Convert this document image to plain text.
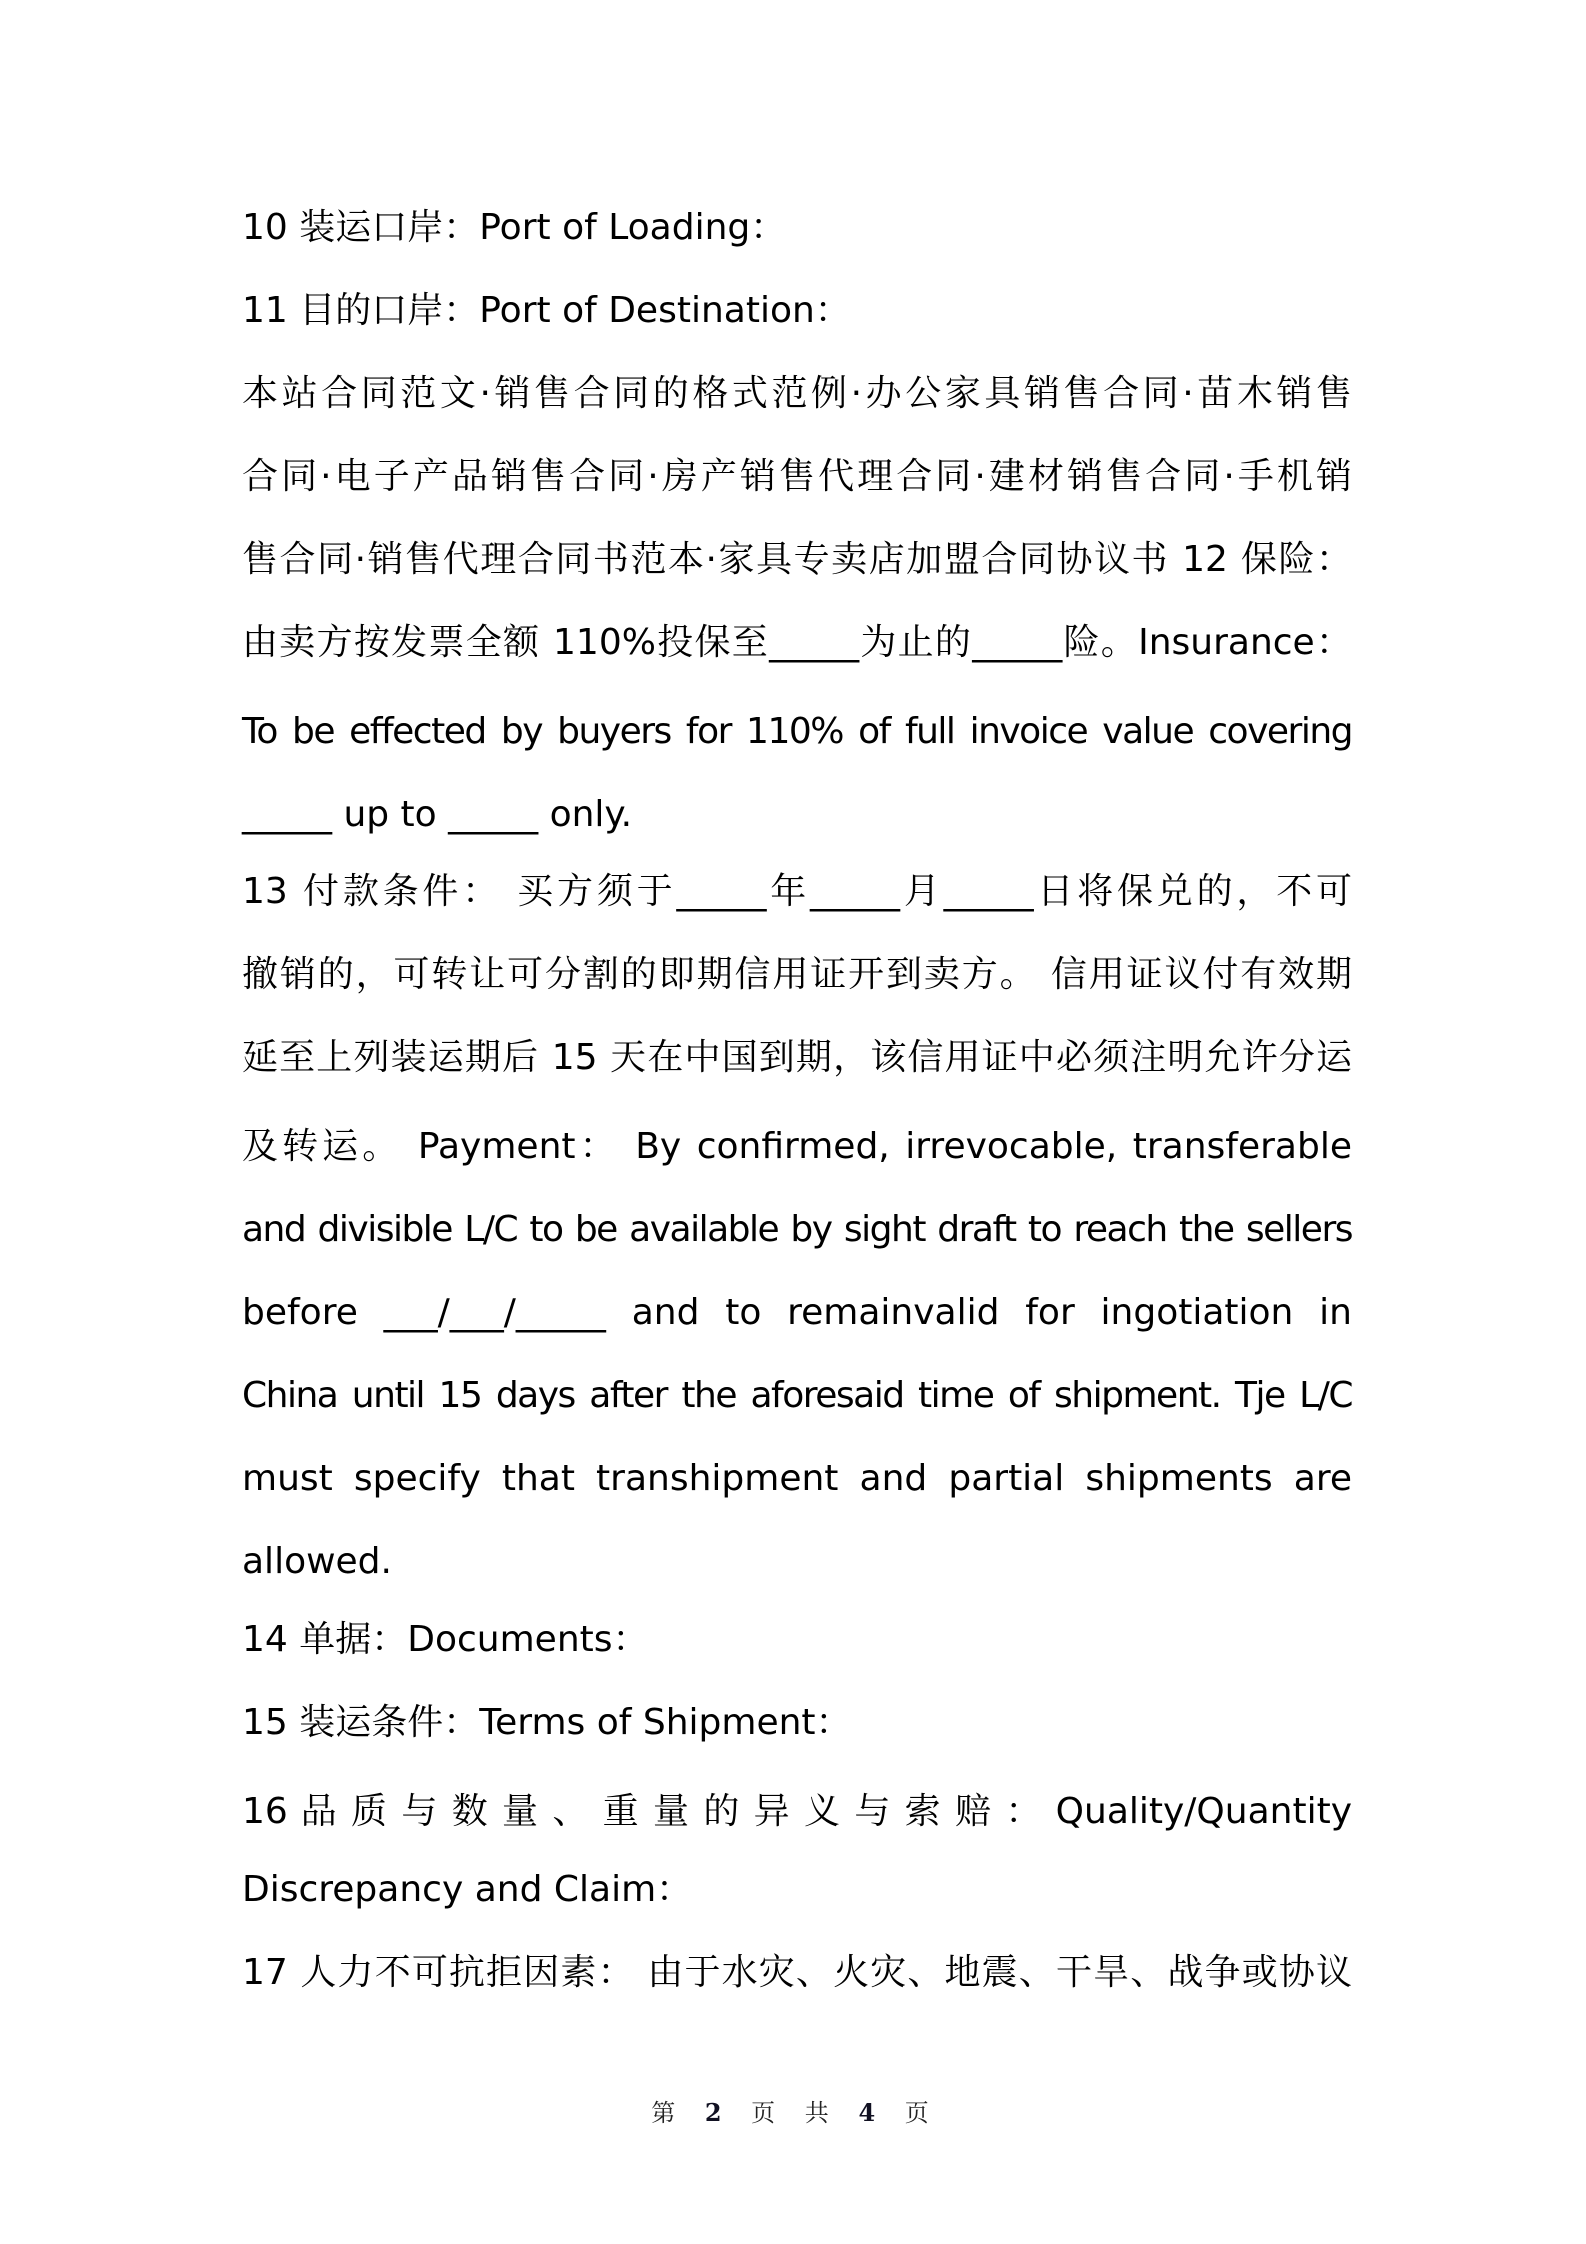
10 装运口岸：Port of Loading：
11 目的口岸：Port of Destination：
本站合同范文·销售合同的格式范例·办公家具销售合同·苗木销售
合同·电子产品销售合同·房产销售代理合同·建材销售合同·手机销
售合同·销售代理合同书范本·家具专卖店加盟合同协议书 12 保险：
由卖方按发票全额 110%投保至_____为止的_____险。Insurance：
To be effected by buyers for 110% of full invoice value covering
_____ up to _____ only.
13 付款条件： 买方须于_____年_____月_____日将保兑的，不可
撤销的，可转让可分割的即期信用证开到卖方。 信用证议付有效期
延至上列装运期后 15 天在中国到期，该信用证中必须注明允许分运
及转运。 Payment： By confirmed, irrevocable, transferable
and divisible L/C to be available by sight draft to reach the sellers
before ___/___/_____ and to remainvalid for ingotiation in
China until 15 days after the aforesaid time of shipment. Tje L/C
must specify that transhipment and partial shipments are
allowed.
14 单据：Documents：
15 装运条件：Terms of Shipment：
16 品 质 与 数 量 、 重 量 的 异 义 与 索 赔 ： Quality/Quantity
Discrepancy and Claim：
17 人力不可抗拒因素： 由于水灾、火灾、地震、干旱、战争或协议
第 2 页 共 4 页
